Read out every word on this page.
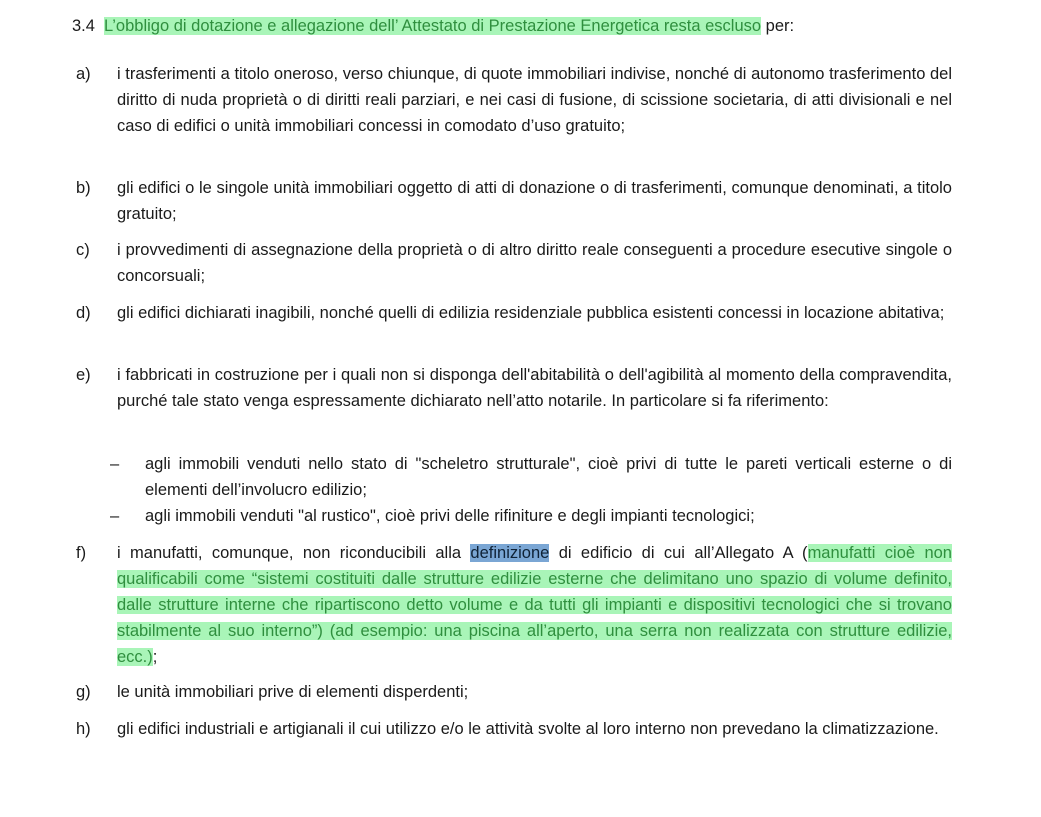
3.4 L’obbligo di dotazione e allegazione dell’ Attestato di Prestazione Energetica resta escluso per:
a) i trasferimenti a titolo oneroso, verso chiunque, di quote immobiliari indivise, nonché di autonomo trasferimento del diritto di nuda proprietà o di diritti reali parziari, e nei casi di fusione, di scissione societaria, di atti divisionali e nel caso di edifici o unità immobiliari concessi in comodato d’uso gratuito;
b) gli edifici o le singole unità immobiliari oggetto di atti di donazione o di trasferimenti, comunque denominati, a titolo gratuito;
c) i provvedimenti di assegnazione della proprietà o di altro diritto reale conseguenti a procedure esecutive singole o concorsuali;
d) gli edifici dichiarati inagibili, nonché quelli di edilizia residenziale pubblica esistenti concessi in locazione abitativa;
e) i fabbricati in costruzione per i quali non si disponga dell'abitabilità o dell'agibilità al momento della compravendita, purché tale stato venga espressamente dichiarato nell’atto notarile. In particolare si fa riferimento:
– agli immobili venduti nello stato di "scheletro strutturale", cioè privi di tutte le pareti verticali esterne o di elementi dell’involucro edilizio;
– agli immobili venduti "al rustico", cioè privi delle rifiniture e degli impianti tecnologici;
f) i manufatti, comunque, non riconducibili alla definizione di edificio di cui all’Allegato A (manufatti cioè non qualificabili come “sistemi costituiti dalle strutture edilizie esterne che delimitano uno spazio di volume definito, dalle strutture interne che ripartiscono detto volume e da tutti gli impianti e dispositivi tecnologici che si trovano stabilmente al suo interno”) (ad esempio: una piscina all’aperto, una serra non realizzata con strutture edilizie, ecc.);
g) le unità immobiliari prive di elementi disperdenti;
h) gli edifici industriali e artigianali il cui utilizzo e/o le attività svolte al loro interno non prevedano la climatizzazione.
